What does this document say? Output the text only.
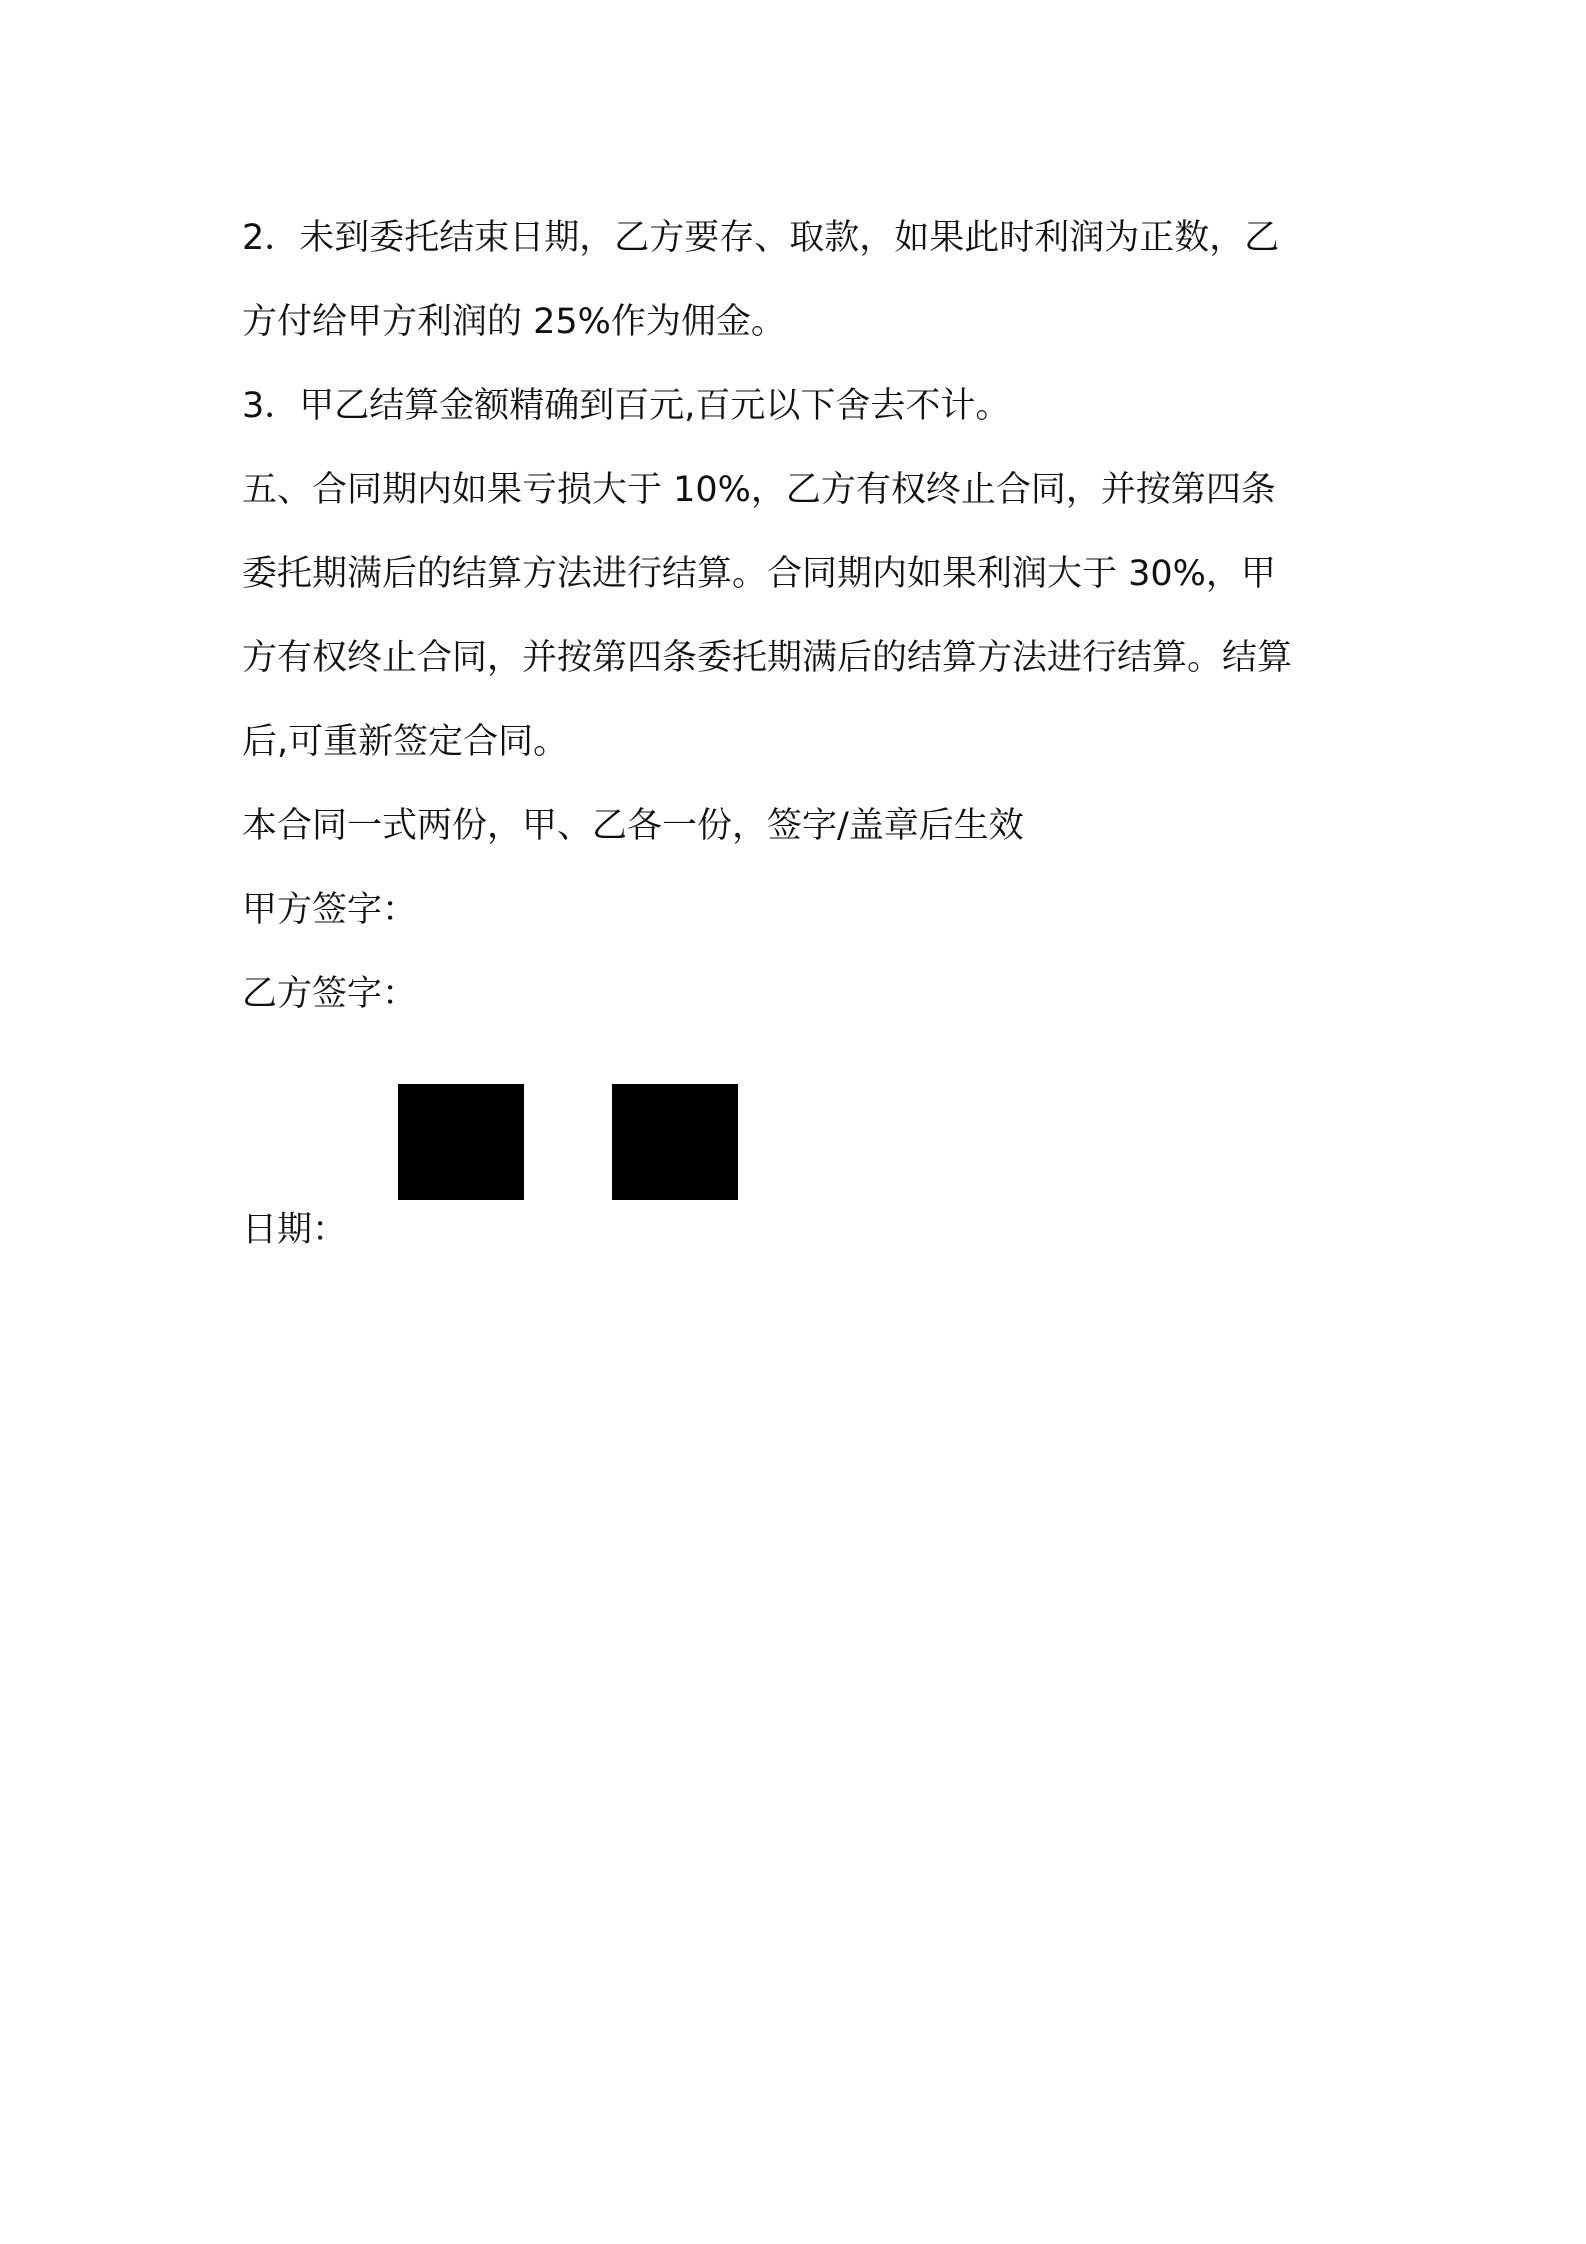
2．未到委托结束日期，乙方要存、取款，如果此时利润为正数，乙
方付给甲方利润的 25%作为佣金。
3．甲乙结算金额精确到百元,百元以下舍去不计。
五、合同期内如果亏损大于 10%，乙方有权终止合同，并按第四条
委托期满后的结算方法进行结算。合同期内如果利润大于 30%，甲
方有权终止合同，并按第四条委托期满后的结算方法进行结算。结算
后,可重新签定合同。
本合同一式两份，甲、乙各一份，签字/盖章后生效
甲方签字：
乙方签字：
日期：
